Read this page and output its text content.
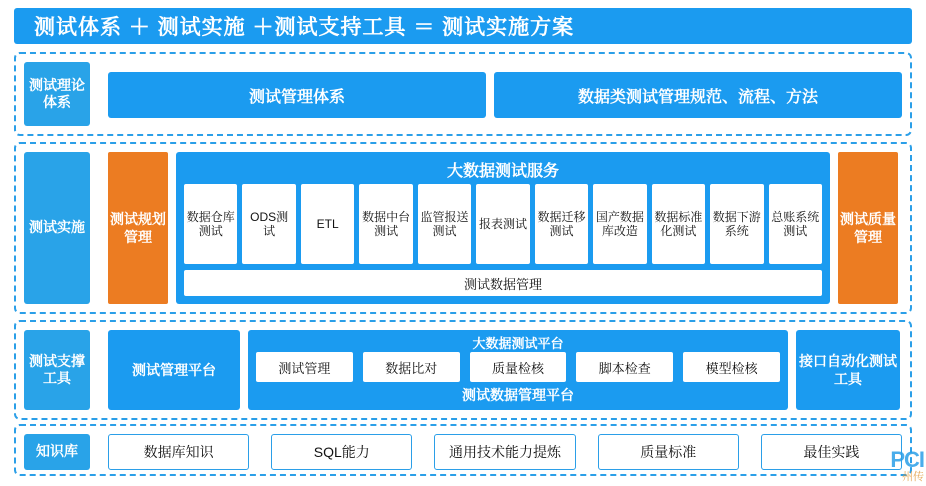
测试体系 ＋ 测试实施 ＋测试支持工具 ＝ 测试实施方案
测试理论体系	测试管理体系	数据类测试管理规范、流程、方法
测试实施
测试规划管理
大数据测试服务
数据仓库测试
ODS测试
ETL
数据中台测试
监管报送测试
报表测试
数据迁移测试
国产数据库改造
数据标准化测试
数据下游系统
总账系统测试
测试数据管理
测试质量管理
测试支撑工具
测试管理平台
大数据测试平台
测试管理	数据比对	质量检核	脚本检查	模型检核
测试数据管理平台
接口自动化测试工具
知识库	数据库知识	SQL能力	通用技术能力提炼	质量标准	最佳实践	PCI
州传
